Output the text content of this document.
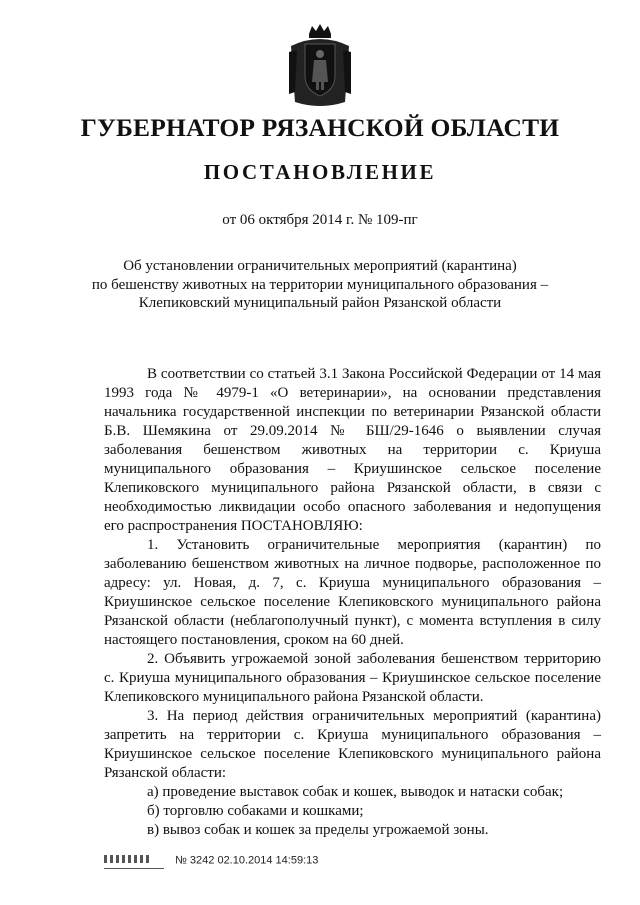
ГУБЕРНАТОР РЯЗАНСКОЙ ОБЛАСТИ
ПОСТАНОВЛЕНИЕ
от 06 октября 2014 г. № 109-пг
Об установлении ограничительных мероприятий (карантина)
по бешенству животных на территории муниципального образования –
Клепиковский муниципальный район Рязанской области

В соответствии со статьей 3.1 Закона Российской Федерации от 14 мая 1993 года № 4979-1 «О ветеринарии», на основании представления начальника государственной инспекции по ветеринарии Рязанской области Б.В. Шемякина от 29.09.2014 № БШ/29-1646 о выявлении случая заболевания бешенством животных на территории с. Криуша муниципального образования – Криушинское сельское поселение Клепиковского муниципального района Рязанской области, в связи с необходимостью ликвидации особо опасного заболевания и недопущения его распространения ПОСТАНОВЛЯЮ:

1. Установить ограничительные мероприятия (карантин) по заболеванию бешенством животных на личное подворье, расположенное по адресу: ул. Новая, д. 7, с. Криуша муниципального образования – Криушинское сельское поселение Клепиковского муниципального района Рязанской области (неблагополучный пункт), с момента вступления в силу настоящего постановления, сроком на 60 дней.

2. Объявить угрожаемой зоной заболевания бешенством территорию с. Криуша муниципального образования – Криушинское сельское поселение Клепиковского муниципального района Рязанской области.

3. На период действия ограничительных мероприятий (карантина) запретить на территории с. Криуша муниципального образования – Криушинское сельское поселение Клепиковского муниципального района Рязанской области:

а) проведение выставок собак и кошек, выводок и натаски собак;

б) торговлю собаками и кошками;

в) вывоз собак и кошек за пределы угрожаемой зоны.

№ 3242 02.10.2014 14:59:13
